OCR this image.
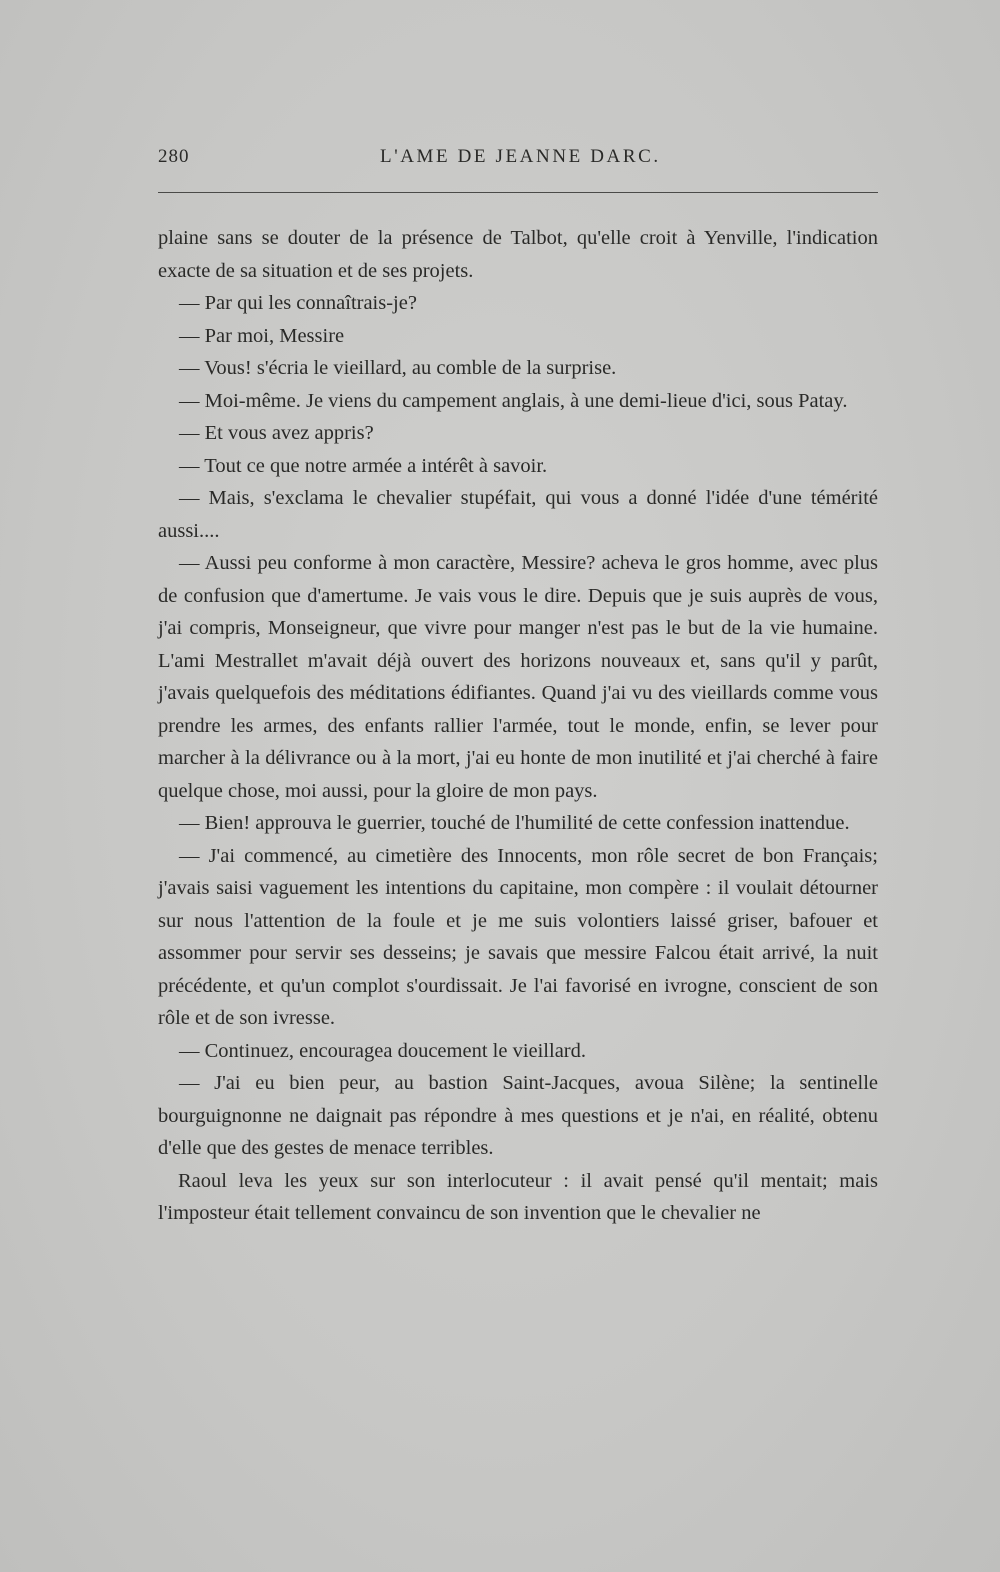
280	L'AME DE JEANNE DARC.

plaine sans se douter de la présence de Talbot, qu'elle croit à Yenville, l'indication exacte de sa situation et de ses projets.

— Par qui les connaîtrais-je?

— Par moi, Messire

— Vous! s'écria le vieillard, au comble de la surprise.

— Moi-même. Je viens du campement anglais, à une demi-lieue d'ici, sous Patay.

— Et vous avez appris?

— Tout ce que notre armée a intérêt à savoir.

— Mais, s'exclama le chevalier stupéfait, qui vous a donné l'idée d'une témérité aussi....

— Aussi peu conforme à mon caractère, Messire? acheva le gros homme, avec plus de confusion que d'amertume. Je vais vous le dire. Depuis que je suis auprès de vous, j'ai compris, Monseigneur, que vivre pour manger n'est pas le but de la vie humaine. L'ami Mestrallet m'avait déjà ouvert des horizons nouveaux et, sans qu'il y parût, j'avais quelquefois des méditations édifiantes. Quand j'ai vu des vieillards comme vous prendre les armes, des enfants rallier l'armée, tout le monde, enfin, se lever pour marcher à la délivrance ou à la mort, j'ai eu honte de mon inutilité et j'ai cherché à faire quelque chose, moi aussi, pour la gloire de mon pays.

— Bien! approuva le guerrier, touché de l'humilité de cette confession inattendue.

— J'ai commencé, au cimetière des Innocents, mon rôle secret de bon Français; j'avais saisi vaguement les intentions du capitaine, mon compère : il voulait détourner sur nous l'attention de la foule et je me suis volontiers laissé griser, bafouer et assommer pour servir ses desseins; je savais que messire Falcou était arrivé, la nuit précédente, et qu'un complot s'ourdissait. Je l'ai favorisé en ivrogne, conscient de son rôle et de son ivresse.

— Continuez, encouragea doucement le vieillard.

— J'ai eu bien peur, au bastion Saint-Jacques, avoua Silène; la sentinelle bourguignonne ne daignait pas répondre à mes questions et je n'ai, en réalité, obtenu d'elle que des gestes de menace terribles.

Raoul leva les yeux sur son interlocuteur : il avait pensé qu'il mentait; mais l'imposteur était tellement convaincu de son invention que le chevalier ne
